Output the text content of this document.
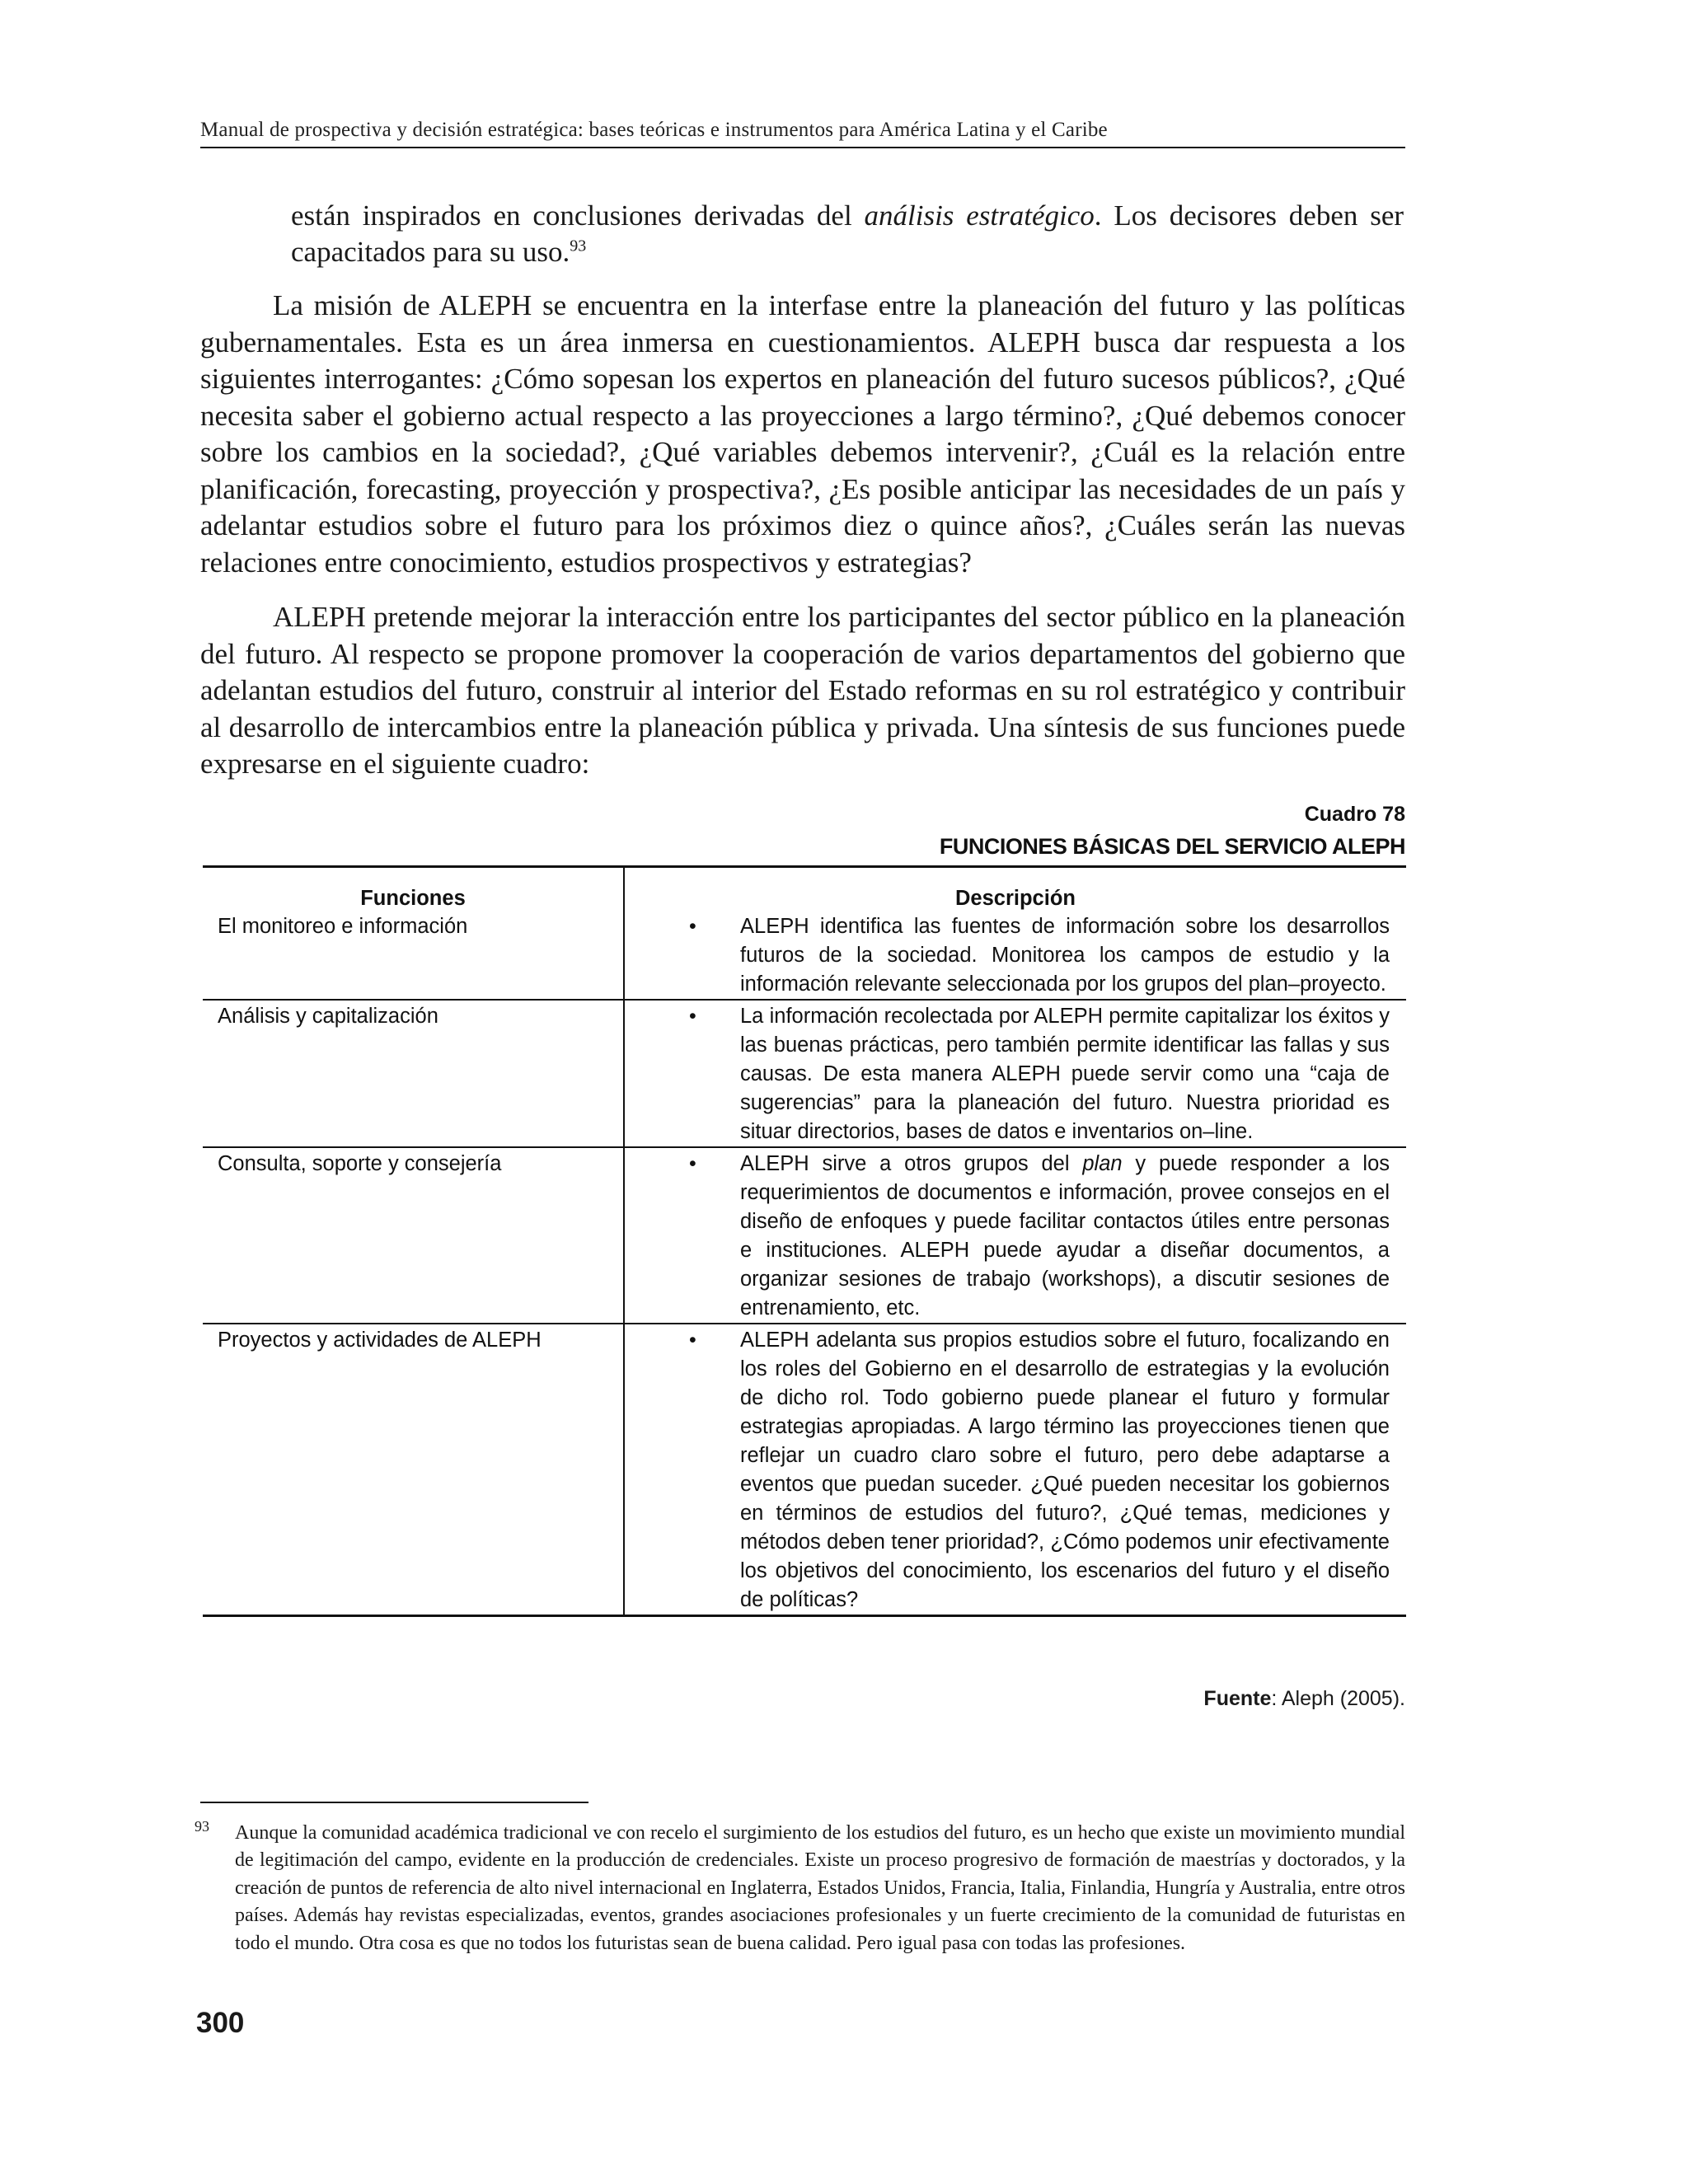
Manual de prospectiva y decisión estratégica: bases teóricas e instrumentos para América Latina y el Caribe
están inspirados en conclusiones derivadas del análisis estratégico. Los decisores deben ser capacitados para su uso.$^{93}$
La misión de ALEPH se encuentra en la interfase entre la planeación del futuro y las políticas gubernamentales. Esta es un área inmersa en cuestionamientos. ALEPH busca dar respuesta a los siguientes interrogantes: ¿Cómo sopesan los expertos en planeación del futuro sucesos públicos?, ¿Qué necesita saber el gobierno actual respecto a las proyecciones a largo término?, ¿Qué debemos conocer sobre los cambios en la sociedad?, ¿Qué variables debemos intervenir?, ¿Cuál es la relación entre planificación, forecasting, proyección y prospectiva?, ¿Es posible anticipar las necesidades de un país y adelantar estudios sobre el futuro para los próximos diez o quince años?, ¿Cuáles serán las nuevas relaciones entre conocimiento, estudios prospectivos y estrategias?
ALEPH pretende mejorar la interacción entre los participantes del sector público en la planeación del futuro. Al respecto se propone promover la cooperación de varios departamentos del gobierno que adelantan estudios del futuro, construir al interior del Estado reformas en su rol estratégico y contribuir al desarrollo de intercambios entre la planeación pública y privada. Una síntesis de sus funciones puede expresarse en el siguiente cuadro:
Cuadro 78
FUNCIONES BÁSICAS DEL SERVICIO ALEPH
Funciones	Descripción
El monitoreo e información	• ALEPH identifica las fuentes de información sobre los desarrollos futuros de la sociedad. Monitorea los campos de estudio y la información relevante seleccionada por los grupos del plan–proyecto.
Análisis y capitalización	• La información recolectada por ALEPH permite capitalizar los éxitos y las buenas prácticas, pero también permite identificar las fallas y sus causas. De esta manera ALEPH puede servir como una “caja de sugerencias” para la planeación del futuro. Nuestra prioridad es situar directorios, bases de datos e inventarios on–line.
Consulta, soporte y consejería	• ALEPH sirve a otros grupos del plan y puede responder a los requerimientos de documentos e información, provee consejos en el diseño de enfoques y puede facilitar contactos útiles entre personas e instituciones. ALEPH puede ayudar a diseñar documentos, a organizar sesiones de trabajo (workshops), a discutir sesiones de entrenamiento, etc.
Proyectos y actividades de ALEPH	• ALEPH adelanta sus propios estudios sobre el futuro, focalizando en los roles del Gobierno en el desarrollo de estrategias y la evolución de dicho rol. Todo gobierno puede planear el futuro y formular estrategias apropiadas. A largo término las proyecciones tienen que reflejar un cuadro claro sobre el futuro, pero debe adaptarse a eventos que puedan suceder. ¿Qué pueden necesitar los gobiernos en términos de estudios del futuro?, ¿Qué temas, mediciones y métodos deben tener prioridad?, ¿Cómo podemos unir efectivamente los objetivos del conocimiento, los escenarios del futuro y el diseño de políticas?
Fuente: Aleph (2005).
93 Aunque la comunidad académica tradicional ve con recelo el surgimiento de los estudios del futuro, es un hecho que existe un movimiento mundial de legitimación del campo, evidente en la producción de credenciales. Existe un proceso progresivo de formación de maestrías y doctorados, y la creación de puntos de referencia de alto nivel internacional en Inglaterra, Estados Unidos, Francia, Italia, Finlandia, Hungría y Australia, entre otros países. Además hay revistas especializadas, eventos, grandes asociaciones profesionales y un fuerte crecimiento de la comunidad de futuristas en todo el mundo. Otra cosa es que no todos los futuristas sean de buena calidad. Pero igual pasa con todas las profesiones.
300
